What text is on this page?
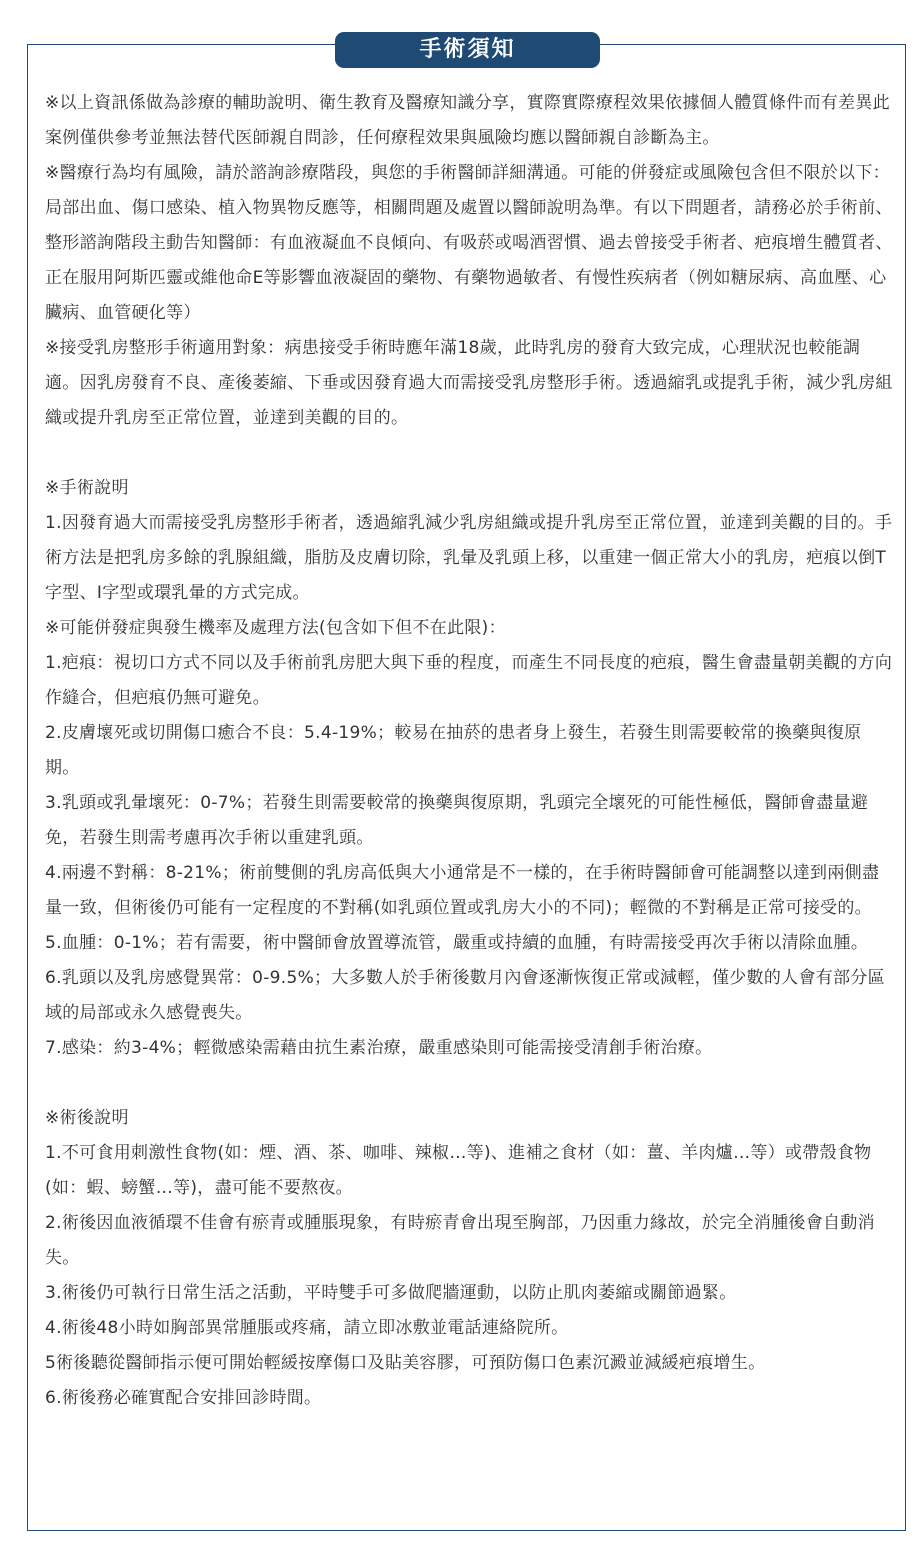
手術須知

※以上資訊係做為診療的輔助說明、衛生教育及醫療知識分享，實際實際療程效果依據個人體質條件而有差異此案例僅供參考並無法替代医師親自問診，任何療程效果與風險均應以醫師親自診斷為主。

※醫療行為均有風險，請於諮詢診療階段，與您的手術醫師詳細溝通。可能的併發症或風險包含但不限於以下：局部出血、傷口感染、植入物異物反應等，相關問題及處置以醫師說明為準。有以下問題者，請務必於手術前、整形諮詢階段主動告知醫師：有血液凝血不良傾向、有吸菸或喝酒習慣、過去曾接受手術者、疤痕增生體質者、正在服用阿斯匹靈或維他命E等影響血液凝固的藥物、有藥物過敏者、有慢性疾病者（例如糖尿病、高血壓、心臟病、血管硬化等）

※接受乳房整形手術適用對象：病患接受手術時應年滿18歲，此時乳房的發育大致完成，心理狀況也較能調適。因乳房發育不良、產後萎縮、下垂或因發育過大而需接受乳房整形手術。透過縮乳或提乳手術，減少乳房組織或提升乳房至正常位置，並達到美觀的目的。

※手術說明

1.因發育過大而需接受乳房整形手術者，透過縮乳減少乳房組織或提升乳房至正常位置，並達到美觀的目的。手術方法是把乳房多餘的乳腺組織，脂肪及皮膚切除，乳暈及乳頭上移，以重建一個正常大小的乳房，疤痕以倒T字型、I字型或環乳暈的方式完成。

※可能併發症與發生機率及處理方法(包含如下但不在此限)：

1.疤痕：視切口方式不同以及手術前乳房肥大與下垂的程度，而產生不同長度的疤痕，醫生會盡量朝美觀的方向作縫合，但疤痕仍無可避免。

2.皮膚壞死或切開傷口癒合不良：5.4-19%；較易在抽菸的患者身上發生，若發生則需要較常的換藥與復原期。

3.乳頭或乳暈壞死：0-7%；若發生則需要較常的換藥與復原期，乳頭完全壞死的可能性極低，醫師會盡量避免，若發生則需考慮再次手術以重建乳頭。

4.兩邊不對稱：8-21%；術前雙側的乳房高低與大小通常是不一樣的，在手術時醫師會可能調整以達到兩側盡量一致，但術後仍可能有一定程度的不對稱(如乳頭位置或乳房大小的不同)；輕微的不對稱是正常可接受的。

5.血腫：0-1%；若有需要，術中醫師會放置導流管，嚴重或持續的血腫，有時需接受再次手術以清除血腫。

6.乳頭以及乳房感覺異常：0-9.5%；大多數人於手術後數月內會逐漸恢復正常或減輕，僅少數的人會有部分區域的局部或永久感覺喪失。

7.感染：約3-4%；輕微感染需藉由抗生素治療，嚴重感染則可能需接受清創手術治療。

※術後說明

1.不可食用刺激性食物(如：煙、酒、茶、咖啡、辣椒…等)、進補之食材（如：薑、羊肉爐…等）或帶殼食物(如：蝦、螃蟹…等)，盡可能不要熬夜。

2.術後因血液循環不佳會有瘀青或腫脹現象，有時瘀青會出現至胸部，乃因重力緣故，於完全消腫後會自動消失。

3.術後仍可執行日常生活之活動，平時雙手可多做爬牆運動，以防止肌肉萎縮或關節過緊。

4.術後48小時如胸部異常腫脹或疼痛，請立即冰敷並電話連絡院所。

5術後聽從醫師指示便可開始輕緩按摩傷口及貼美容膠，可預防傷口色素沉澱並減緩疤痕增生。

6.術後務必確實配合安排回診時間。
